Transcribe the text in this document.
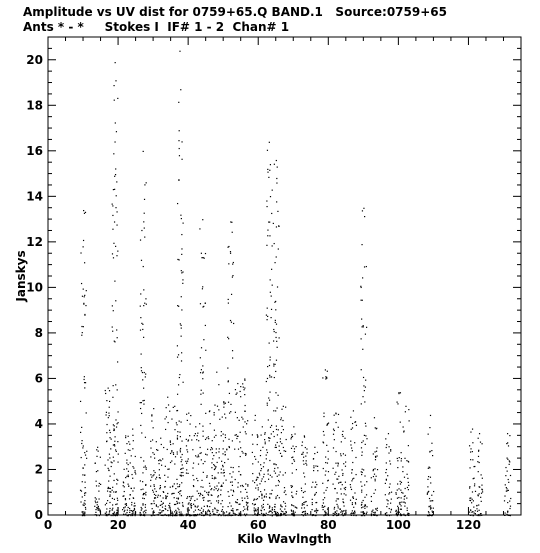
Amplitude vs UV dist for 0759+65.Q BAND.1   Source:0759+65
Ants * - *     Stokes I  IF# 1 - 2  Chan# 1
0	20	40	60	80	100	120
0
2
4
6
8
10
12
14
16
18
20
Kilo Wavlngth
Janskys
